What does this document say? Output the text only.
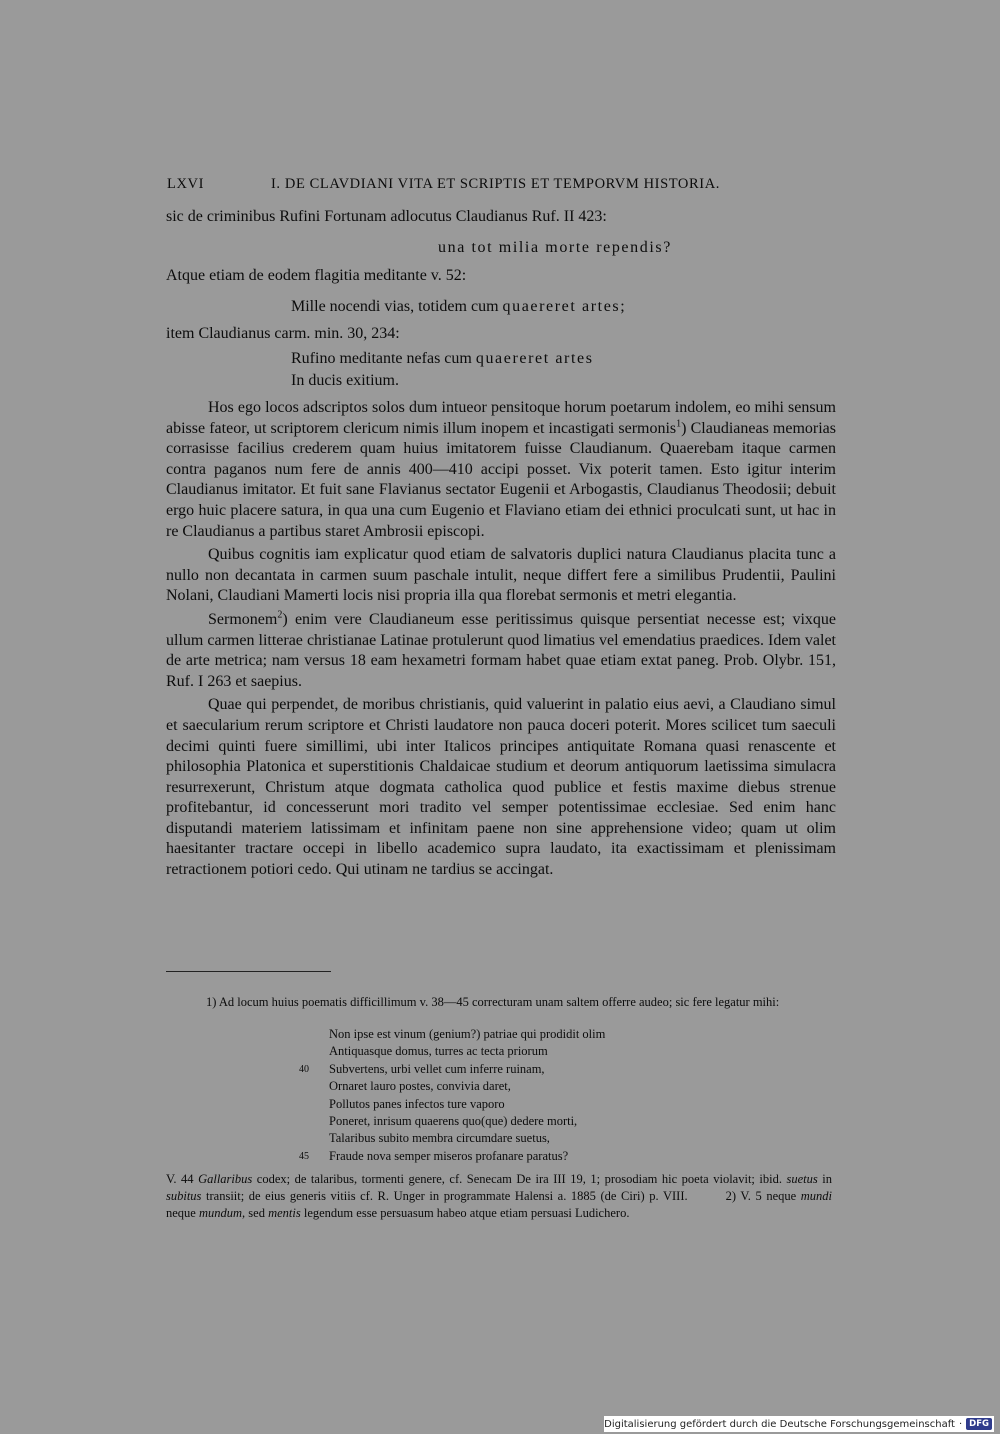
LXVI	I. DE CLAVDIANI VITA ET SCRIPTIS ET TEMPORVM HISTORIA.
sic de criminibus Rufini Fortunam adlocutus Claudianus Ruf. II 423:
una tot milia morte rependis?
Atque etiam de eodem flagitia meditante v. 52:
Mille nocendi vias, totidem cum quaereret artes;
item Claudianus carm. min. 30, 234:
Rufino meditante nefas cum quaereret artes
In ducis exitium.

Hos ego locos adscriptos solos dum intueor pensitoque horum poetarum indolem, eo mihi sensum abisse fateor, ut scriptorem clericum nimis illum inopem et incastigati sermonis$^1$) Claudianeas memorias corrasisse facilius crederem quam huius imitatorem fuisse Claudianum. Quaerebam itaque carmen contra paganos num fere de annis 400—410 accipi posset. Vix poterit tamen. Esto igitur interim Claudianus imitator. Et fuit sane Flavianus sectator Eugenii et Arbogastis, Claudianus Theodosii; debuit ergo huic placere satura, in qua una cum Eugenio et Flaviano etiam dei ethnici proculcati sunt, ut hac in re Claudianus a partibus staret Ambrosii episcopi.

Quibus cognitis iam explicatur quod etiam de salvatoris duplici natura Claudianus placita tunc a nullo non decantata in carmen suum paschale intulit, neque differt fere a similibus Prudentii, Paulini Nolani, Claudiani Mamerti locis nisi propria illa qua florebat sermonis et metri elegantia.

Sermonem$^2$) enim vere Claudianeum esse peritissimus quisque persentiat necesse est; vixque ullum carmen litterae christianae Latinae protulerunt quod limatius vel emendatius praedices. Idem valet de arte metrica; nam versus 18 eam hexametri formam habet quae etiam extat paneg. Prob. Olybr. 151, Ruf. I 263 et saepius.

Quae qui perpendet, de moribus christianis, quid valuerint in palatio eius aevi, a Claudiano simul et saecularium rerum scriptore et Christi laudatore non pauca doceri poterit. Mores scilicet tum saeculi decimi quinti fuere simillimi, ubi inter Italicos principes antiquitate Romana quasi renascente et philosophia Platonica et superstitionis Chaldaicae studium et deorum antiquorum laetissima simulacra resurrexerunt, Christum atque dogmata catholica quod publice et festis maxime diebus strenue profitebantur, id concesserunt mori tradito vel semper potentissimae ecclesiae. Sed enim hanc disputandi materiem latissimam et infinitam paene non sine apprehensione video; quam ut olim haesitanter tractare occepi in libello academico supra laudato, ita exactissimam et plenissimam retractionem potiori cedo. Qui utinam ne tardius se accingat.

1) Ad locum huius poematis difficillimum v. 38—45 correcturam unam saltem offerre audeo; sic fere legatur mihi:

Non ipse est vinum (genium?) patriae qui prodidit olim
Antiquasque domus, turres ac tecta priorum
40 Subvertens, urbi vellet cum inferre ruinam,
Ornaret lauro postes, convivia daret,
Pollutos panes infectos ture vaporo
Poneret, inrisum quaerens quo(que) dedere morti,
Talaribus subito membra circumdare suetus,
45 Fraude nova semper miseros profanare paratus?

V. 44 Gallaribus codex; de talaribus, tormenti genere, cf. Senecam De ira III 19, 1; prosodiam hic poeta violavit; ibid. suetus in subitus transiit; de eius generis vitiis cf. R. Unger in programmate Halensi a. 1885 (de Ciri) p. VIII.	2) V. 5 neque mundi neque mundum, sed mentis legendum esse persuasum habeo atque etiam persuasi Ludichero.

Digitalisierung gefördert durch die Deutsche Forschungsgemeinschaft · DFG
